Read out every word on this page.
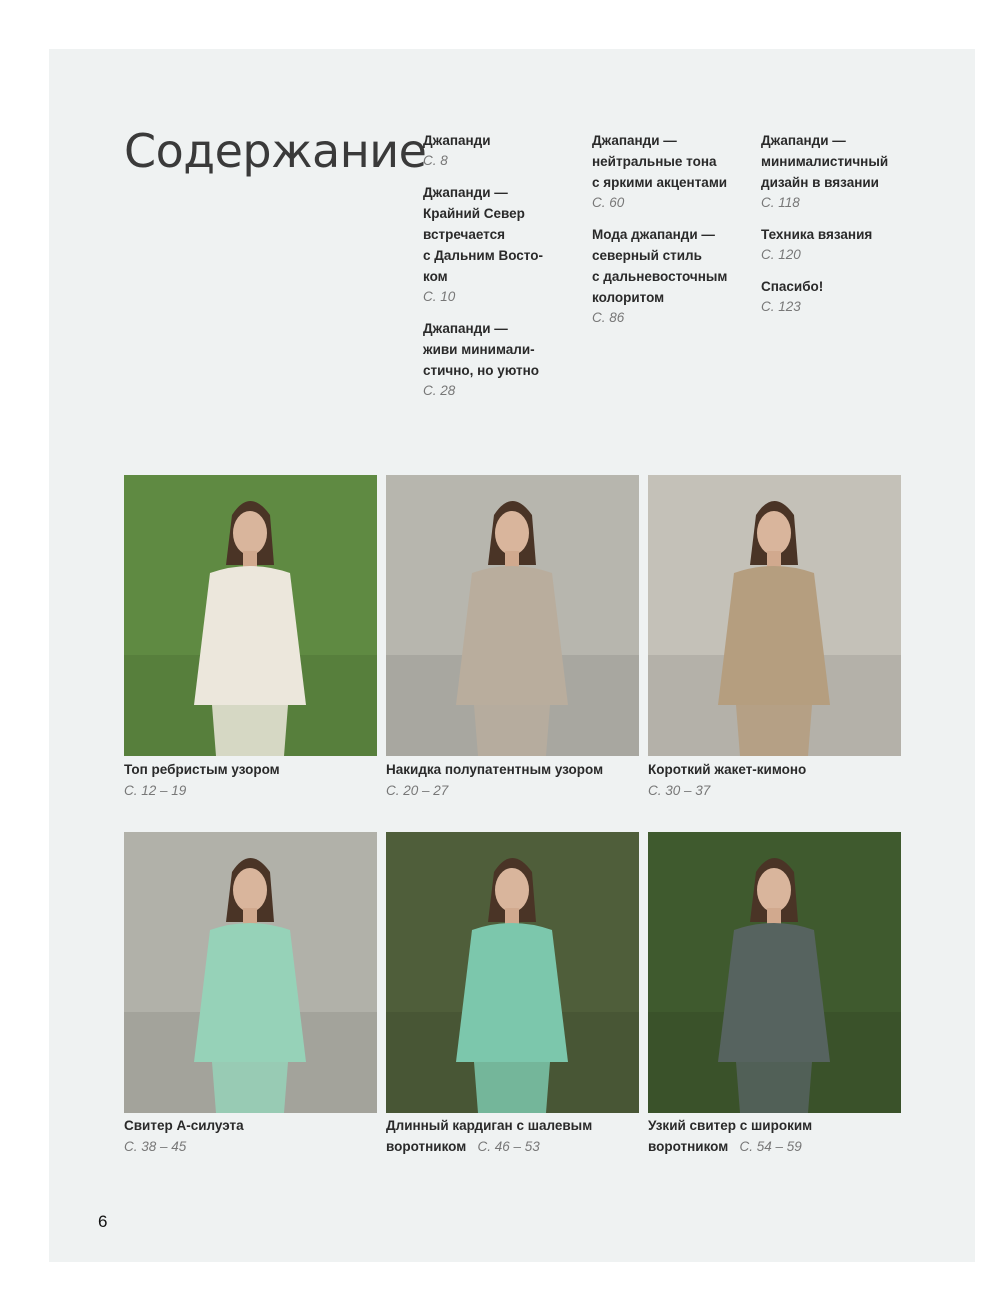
Содержание
Джапанди
С. 8
Джапанди —
Крайний Север
встречается
с Дальним Восто-
ком
С. 10
Джапанди —
живи минимали-
стично, но уютно
С. 28
Джапанди —
нейтральные тона
с яркими акцентами
С. 60
Мода джапанди —
северный стиль
с дальневосточным
колоритом
С. 86
Джапанди —
минималистичный
дизайн в вязании
С. 118
Техника вязания
С. 120
Спасибо!
С. 123
Топ ребристым узором
С. 12 – 19
Накидка полупатентным узором
С. 20 – 27
Короткий жакет-кимоно
С. 30 – 37
Свитер А-силуэта
С. 38 – 45
Длинный кардиган с шалевым
воротником С. 46 – 53
Узкий свитер с широким
воротником С. 54 – 59
6
